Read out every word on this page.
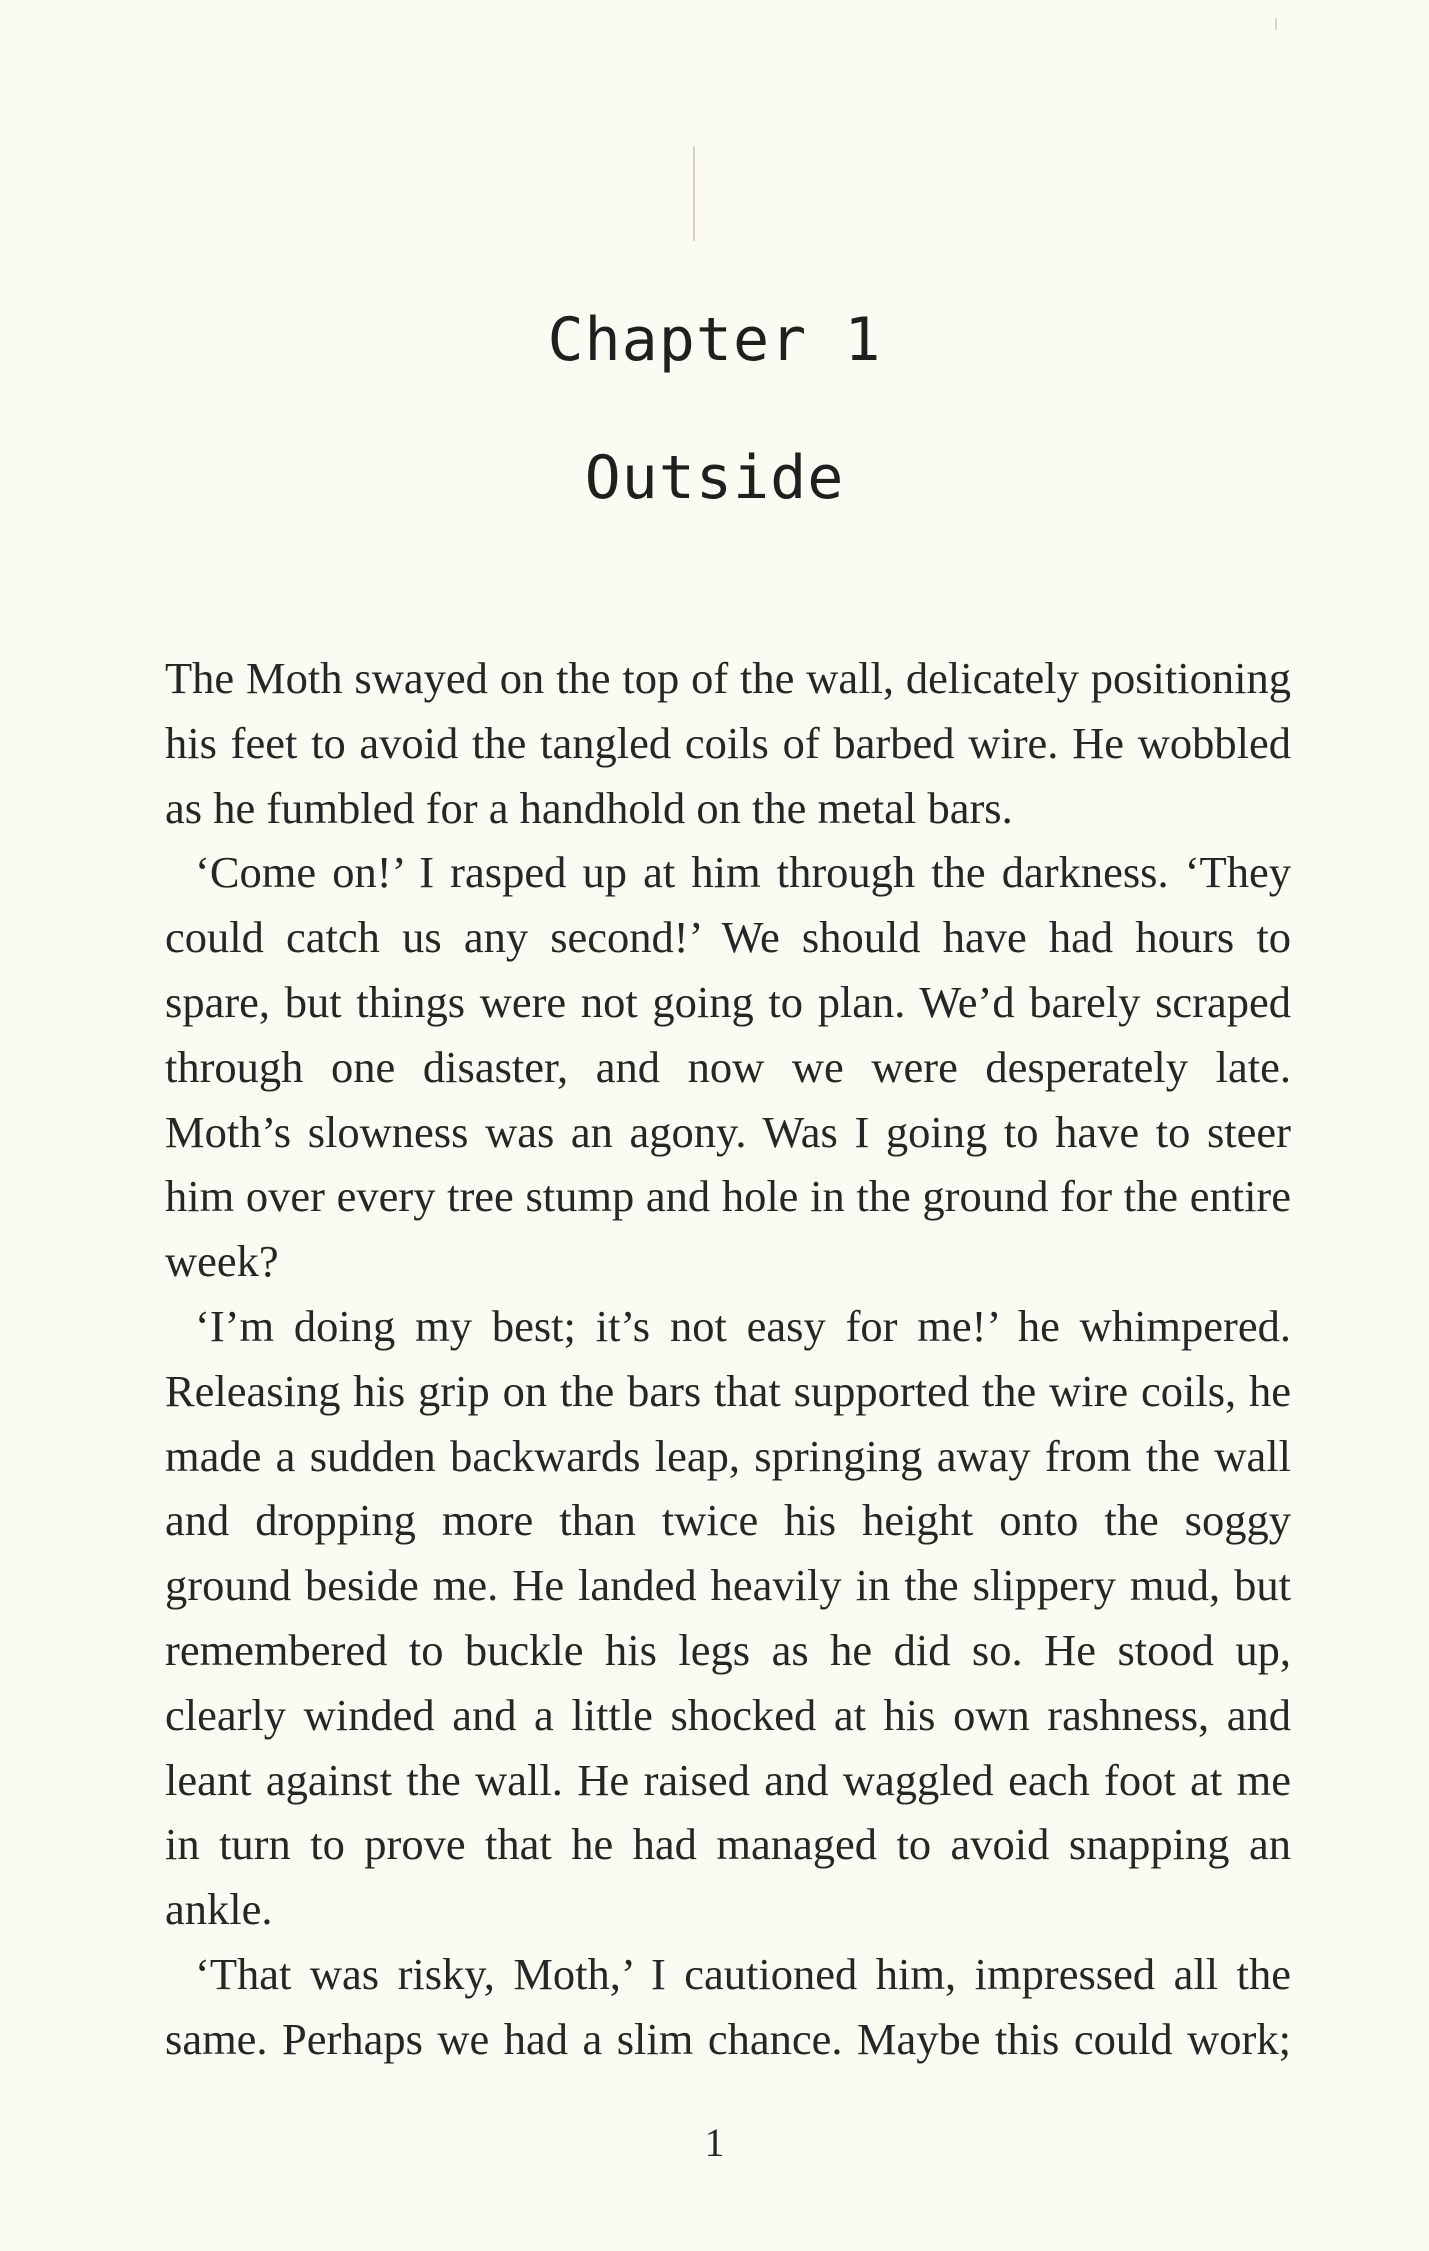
Chapter 1
Outside

The Moth swayed on the top of the wall, delicately positioning his feet to avoid the tangled coils of barbed wire. He wobbled as he fumbled for a handhold on the metal bars.

‘Come on!’ I rasped up at him through the darkness. ‘They could catch us any second!’ We should have had hours to spare, but things were not going to plan. We’d barely scraped through one disaster, and now we were desperately late. Moth’s slowness was an agony. Was I going to have to steer him over every tree stump and hole in the ground for the entire week?

‘I’m doing my best; it’s not easy for me!’ he whimpered. Releasing his grip on the bars that supported the wire coils, he made a sudden backwards leap, springing away from the wall and dropping more than twice his height onto the soggy ground beside me. He landed heavily in the slippery mud, but remembered to buckle his legs as he did so. He stood up, clearly winded and a little shocked at his own rashness, and leant against the wall. He raised and waggled each foot at me in turn to prove that he had managed to avoid snapping an ankle.

‘That was risky, Moth,’ I cautioned him, impressed all the same. Perhaps we had a slim chance. Maybe this could work;

1
